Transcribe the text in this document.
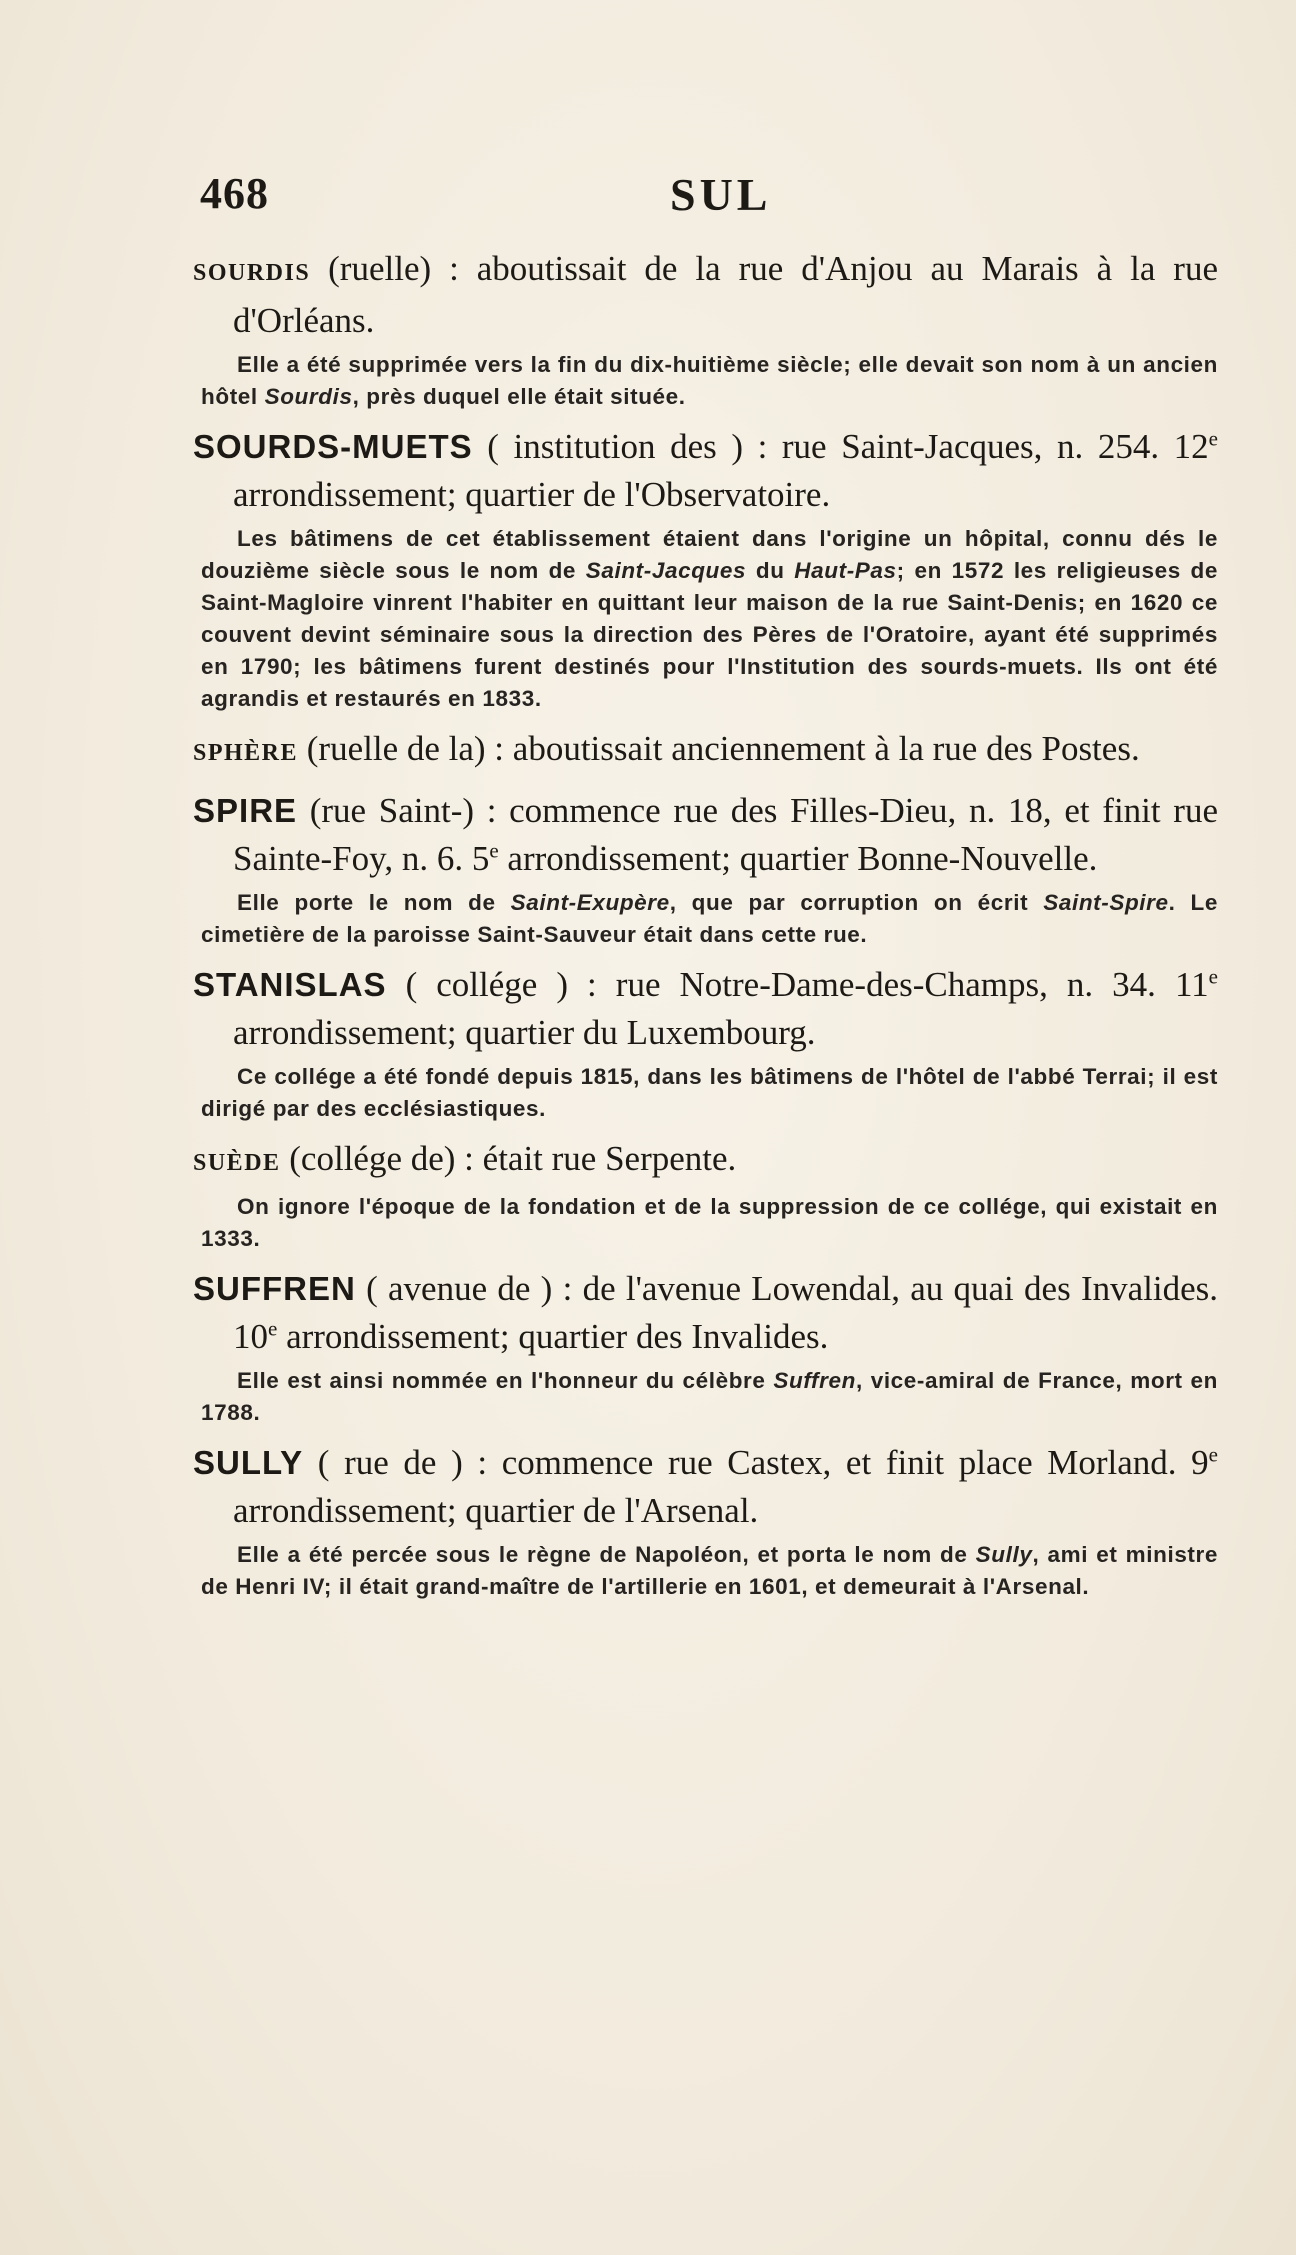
468	SUL

SOURDIS (ruelle) : aboutissait de la rue d'Anjou au Marais à la rue d'Orléans.

Elle a été supprimée vers la fin du dix-huitième siècle; elle devait son nom à un ancien hôtel Sourdis, près duquel elle était située.

SOURDS-MUETS ( institution des ) : rue Saint-Jacques, n. 254. 12e arrondissement; quartier de l'Observatoire.

Les bâtimens de cet établissement étaient dans l'origine un hôpital, connu dés le douzième siècle sous le nom de Saint-Jacques du Haut-Pas; en 1572 les religieuses de Saint-Magloire vinrent l'habiter en quittant leur maison de la rue Saint-Denis; en 1620 ce couvent devint séminaire sous la direction des Pères de l'Oratoire, ayant été supprimés en 1790; les bâtimens furent destinés pour l'Institution des sourds-muets. Ils ont été agrandis et restaurés en 1833.

SPHÈRE (ruelle de la) : aboutissait anciennement à la rue des Postes.

SPIRE (rue Saint-) : commence rue des Filles-Dieu, n. 18, et finit rue Sainte-Foy, n. 6. 5e arrondissement; quartier Bonne-Nouvelle.

Elle porte le nom de Saint-Exupère, que par corruption on écrit Saint-Spire. Le cimetière de la paroisse Saint-Sauveur était dans cette rue.

STANISLAS ( collége ) : rue Notre-Dame-des-Champs, n. 34. 11e arrondissement; quartier du Luxembourg.

Ce collége a été fondé depuis 1815, dans les bâtimens de l'hôtel de l'abbé Terrai; il est dirigé par des ecclésiastiques.

SUÈDE (collége de) : était rue Serpente.

On ignore l'époque de la fondation et de la suppression de ce collége, qui existait en 1333.

SUFFREN ( avenue de ) : de l'avenue Lowendal, au quai des Invalides. 10e arrondissement; quartier des Invalides.

Elle est ainsi nommée en l'honneur du célèbre Suffren, vice-amiral de France, mort en 1788.

SULLY ( rue de ) : commence rue Castex, et finit place Morland. 9e arrondissement; quartier de l'Arsenal.

Elle a été percée sous le règne de Napoléon, et porta le nom de Sully, ami et ministre de Henri IV; il était grand-maître de l'artillerie en 1601, et demeurait à l'Arsenal.
